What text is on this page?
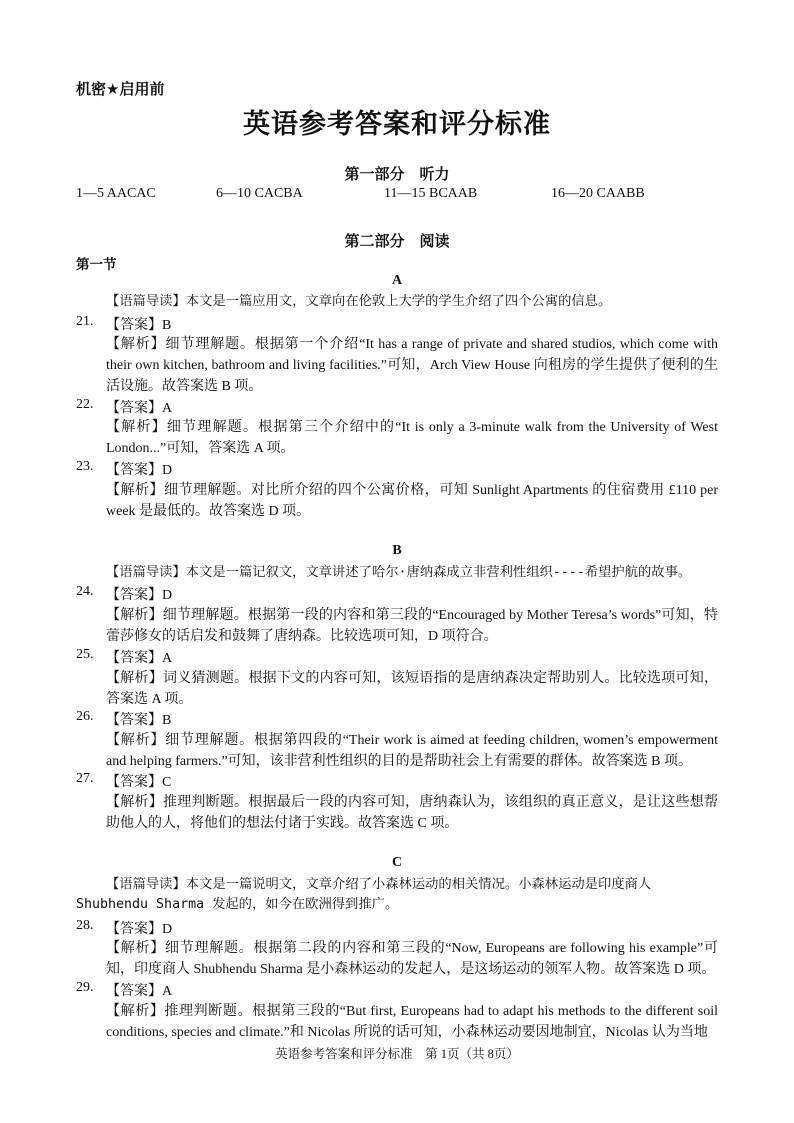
机密★启用前
英语参考答案和评分标准
第一部分　听力
1—5 AACAC	6—10 CACBA	11—15 BCAAB	16—20 CAABB
第二部分　阅读
第一节
A
【语篇导读】本文是一篇应用文，文章向在伦敦上大学的学生介绍了四个公寓的信息。
21. 【答案】B
【解析】细节理解题。根据第一个介绍“It has a range of private and shared studios, which come with their own kitchen, bathroom and living facilities.”可知，Arch View House 向租房的学生提供了便利的生活设施。故答案选 B 项。
22. 【答案】A
【解析】细节理解题。根据第三个介绍中的“It is only a 3-minute walk from the University of West London...”可知，答案选 A 项。
23. 【答案】D
【解析】细节理解题。对比所介绍的四个公寓价格，可知 Sunlight Apartments 的住宿费用 £110 per week 是最低的。故答案选 D 项。
B
【语篇导读】本文是一篇记叙文，文章讲述了哈尔·唐纳森成立非营利性组织----希望护航的故事。
24. 【答案】D
【解析】细节理解题。根据第一段的内容和第三段的“Encouraged by Mother Teresa’s words”可知，特蕾莎修女的话启发和鼓舞了唐纳森。比较选项可知，D 项符合。
25. 【答案】A
【解析】词义猜测题。根据下文的内容可知，该短语指的是唐纳森决定帮助别人。比较选项可知，答案选 A 项。
26. 【答案】B
【解析】细节理解题。根据第四段的“Their work is aimed at feeding children, women’s empowerment and helping farmers.”可知，该非营利性组织的目的是帮助社会上有需要的群体。故答案选 B 项。
27. 【答案】C
【解析】推理判断题。根据最后一段的内容可知，唐纳森认为，该组织的真正意义，是让这些想帮助他人的人，将他们的想法付诸于实践。故答案选 C 项。
C
【语篇导读】本文是一篇说明文，文章介绍了小森林运动的相关情况。小森林运动是印度商人 Shubhendu Sharma 发起的，如今在欧洲得到推广。
28. 【答案】D
【解析】细节理解题。根据第二段的内容和第三段的“Now, Europeans are following his example”可知，印度商人 Shubhendu Sharma 是小森林运动的发起人，是这场运动的领军人物。故答案选 D 项。
29. 【答案】A
【解析】推理判断题。根据第三段的“But first, Europeans had to adapt his methods to the different soil conditions, species and climate.”和 Nicolas 所说的话可知，小森林运动要因地制宜，Nicolas 认为当地
英语参考答案和评分标准　第 1页（共 8页）
